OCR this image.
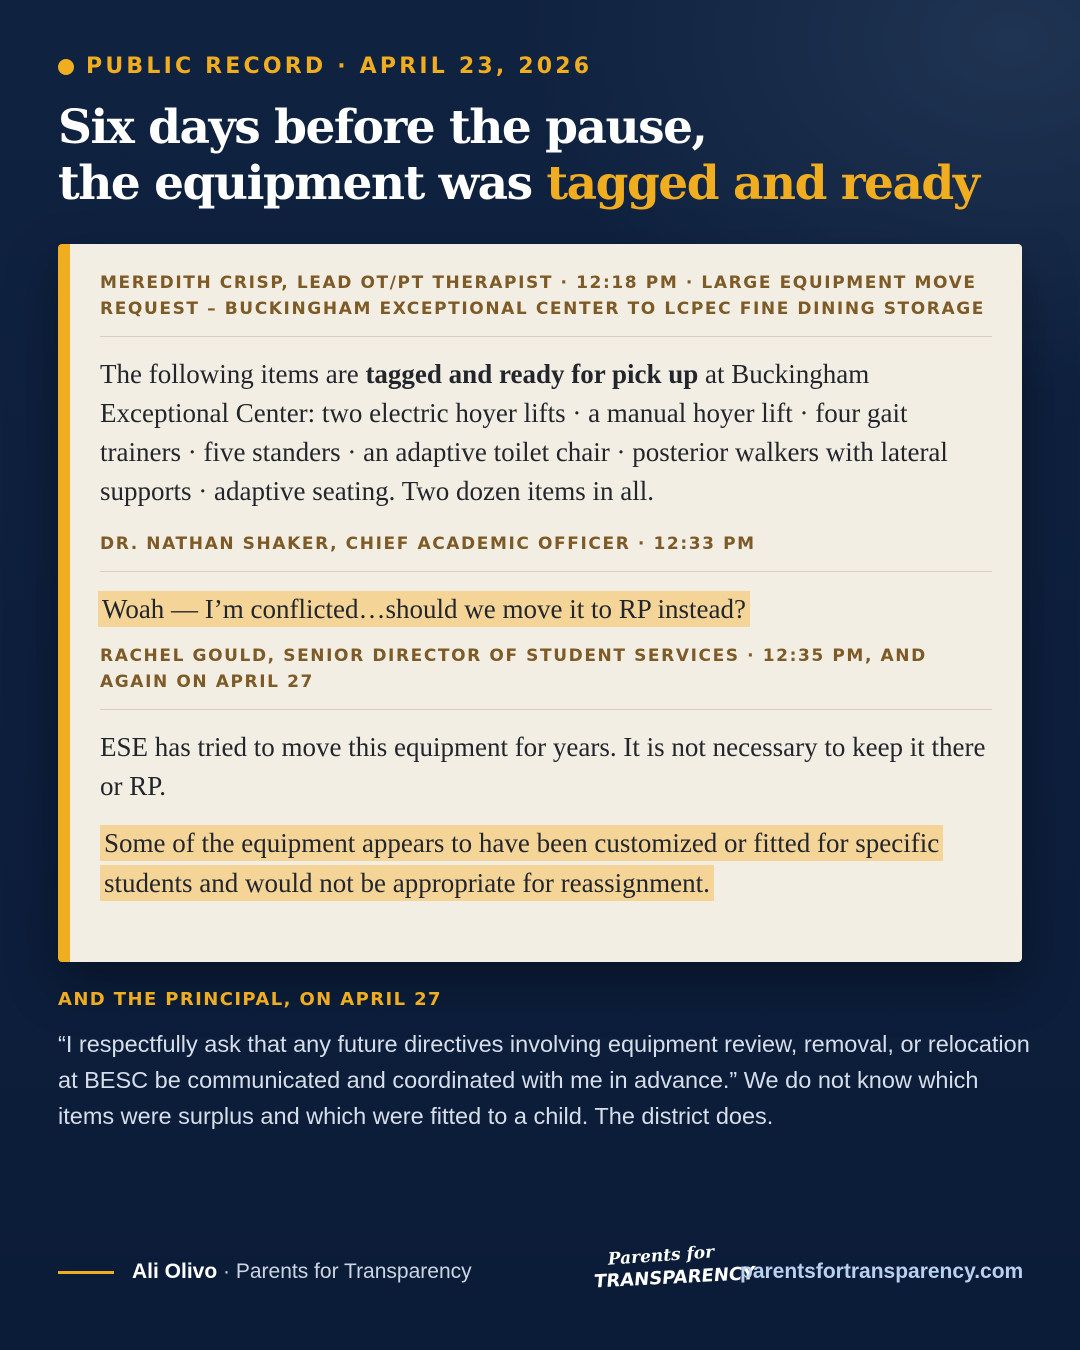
PUBLIC RECORD · APRIL 23, 2026
Six days before the pause,
the equipment was tagged and ready
MEREDITH CRISP, LEAD OT/PT THERAPIST · 12:18 PM · LARGE EQUIPMENT MOVE REQUEST – BUCKINGHAM EXCEPTIONAL CENTER TO LCPEC FINE DINING STORAGE

The following items are tagged and ready for pick up at Buckingham Exceptional Center: two electric hoyer lifts · a manual hoyer lift · four gait trainers · five standers · an adaptive toilet chair · posterior walkers with lateral supports · adaptive seating. Two dozen items in all.

DR. NATHAN SHAKER, CHIEF ACADEMIC OFFICER · 12:33 PM

Woah — I’m conflicted…should we move it to RP instead?

RACHEL GOULD, SENIOR DIRECTOR OF STUDENT SERVICES · 12:35 PM, AND AGAIN ON APRIL 27

ESE has tried to move this equipment for years. It is not necessary to keep it there or RP.

Some of the equipment appears to have been customized or fitted for specific students and would not be appropriate for reassignment.

AND THE PRINCIPAL, ON APRIL 27

“I respectfully ask that any future directives involving equipment review, removal, or relocation at BESC be communicated and coordinated with me in advance.” We do not know which items were surplus and which were fitted to a child. The district does.

Ali Olivo · Parents for Transparency
Parents for
TRANSPARENCY
parentsfortransparency.com
